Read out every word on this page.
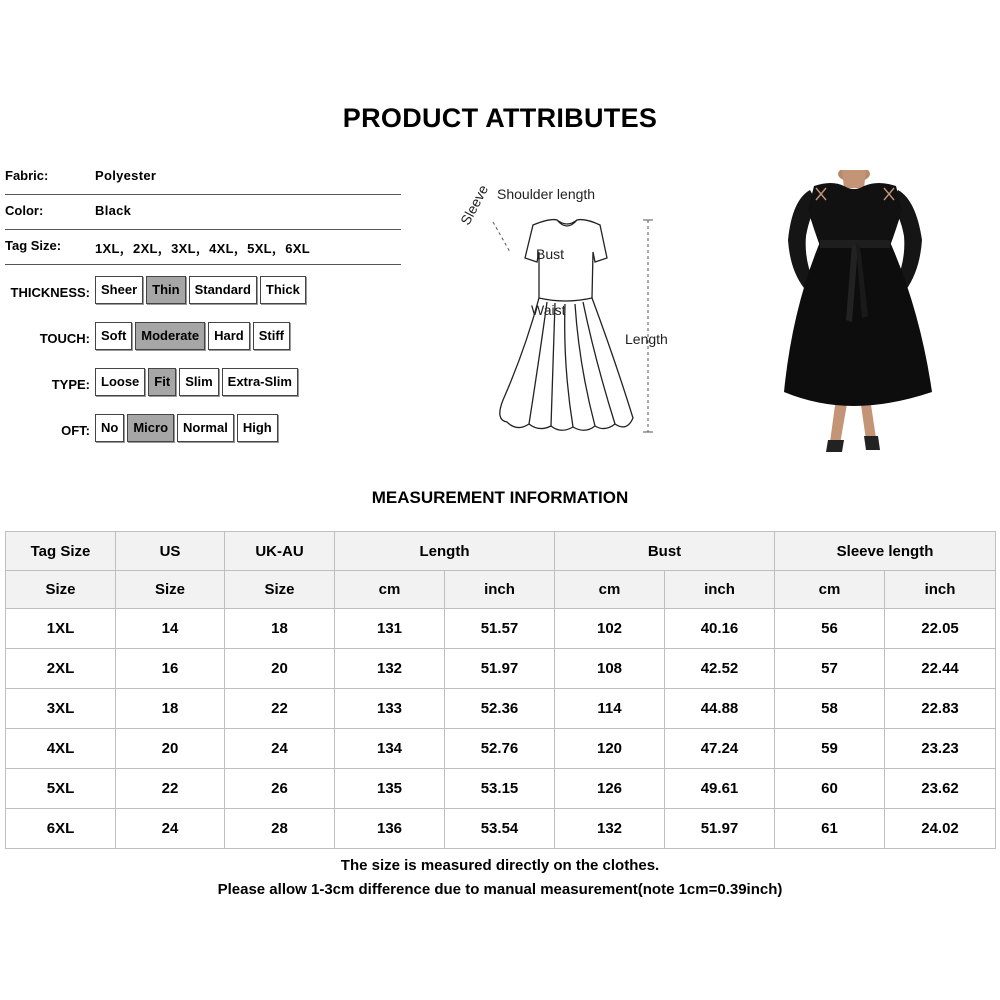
PRODUCT ATTRIBUTES
Fabric:	Polyester
Color:	Black
Tag Size:	1XL，2XL，3XL，4XL，5XL，6XL
THICKNESS: Sheer	Thin	Standard	Thick
TOUCH: Soft	Moderate	Hard	Stiff
TYPE: Loose	Fit	Slim	Extra-Slim
OFT: No	Micro	Normal	High
Shoulder length
Sleeve
Bust
Waist
Length
MEASUREMENT INFORMATION
Tag Size	US	UK-AU	Length		Bust		Sleeve length	
Size	Size	Size	cm	inch	cm	inch	cm	inch
1XL	14	18	131	51.57	102	40.16	56	22.05
2XL	16	20	132	51.97	108	42.52	57	22.44
3XL	18	22	133	52.36	114	44.88	58	22.83
4XL	20	24	134	52.76	120	47.24	59	23.23
5XL	22	26	135	53.15	126	49.61	60	23.62
6XL	24	28	136	53.54	132	51.97	61	24.02
The size is measured directly on the clothes.
Please allow 1-3cm difference due to manual measurement(note 1cm=0.39inch)
